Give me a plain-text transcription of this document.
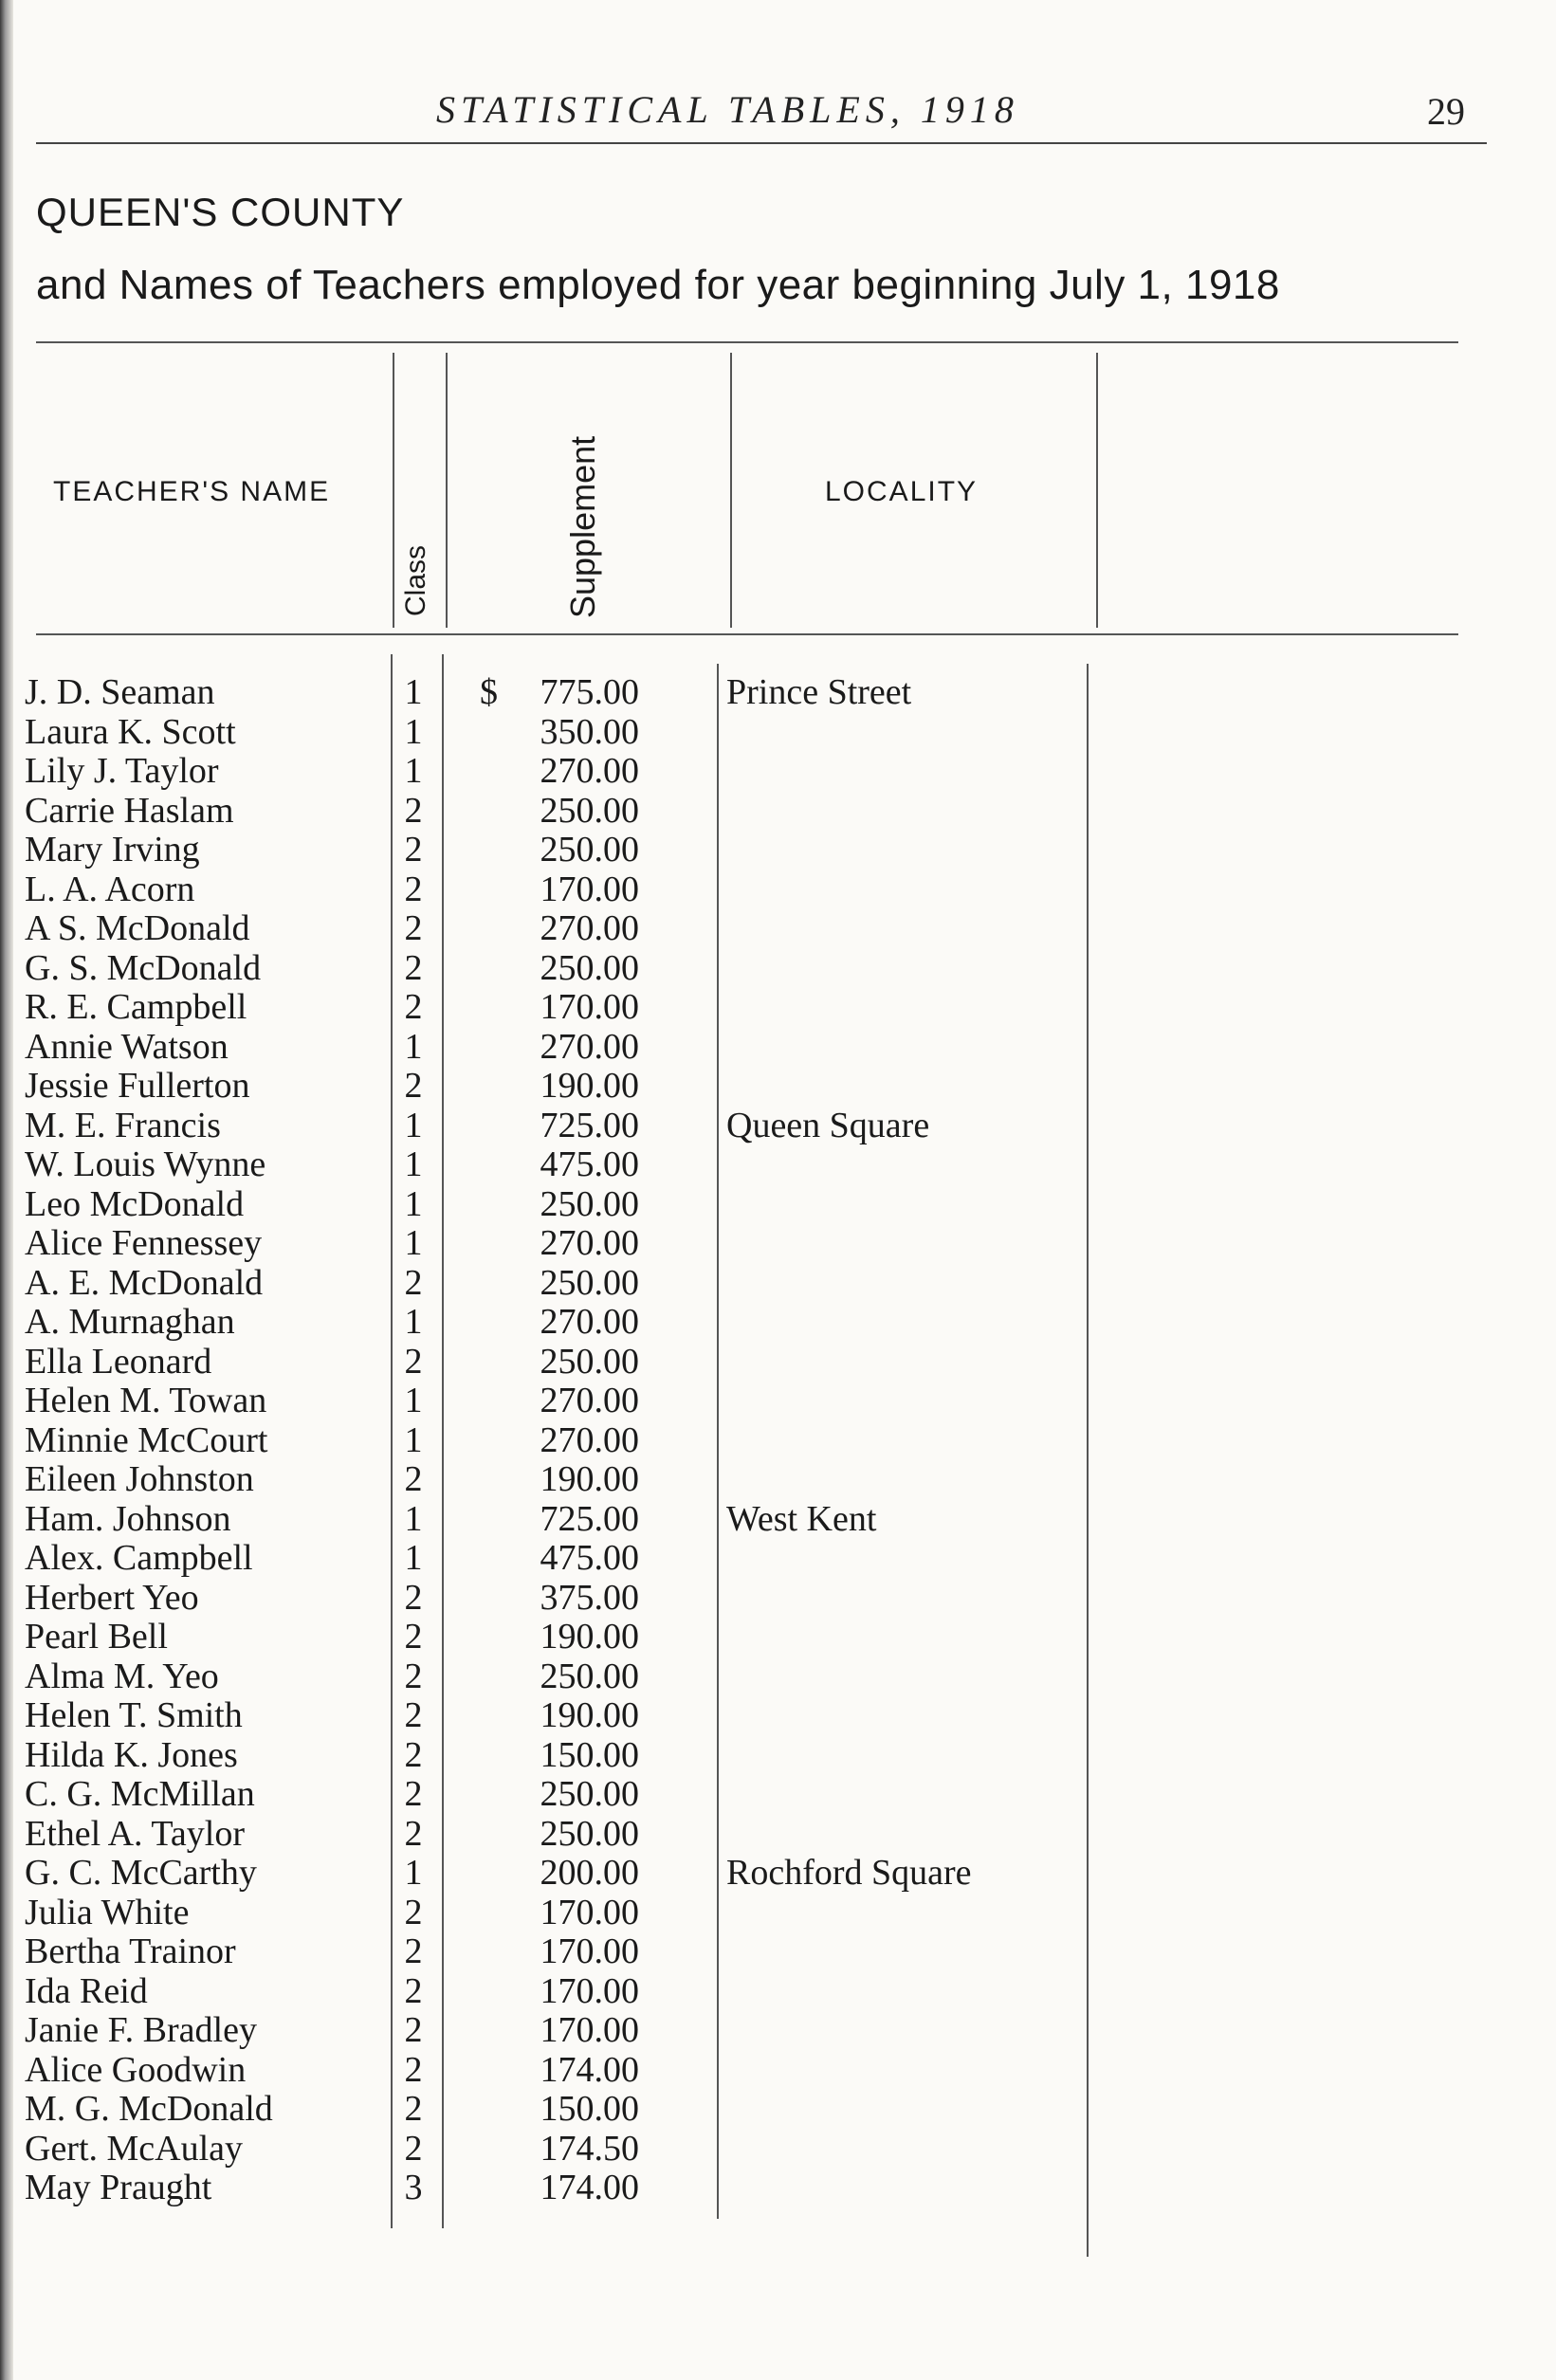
STATISTICAL TABLES, 1918	29
QUEEN'S COUNTY
and Names of Teachers employed for year beginning July 1, 1918
TEACHER'S NAME
Class	Supplement	LOCALITY
J. D. Seaman	1	$	775.00 Prince Street
Laura K. Scott	1	350.00
Lily J. Taylor	1	270.00
Carrie Haslam	2	250.00
Mary Irving	2	250.00
L. A. Acorn	2	170.00
A S. McDonald	2	270.00
G. S. McDonald	2	250.00
R. E. Campbell	2	170.00
Annie Watson	1	270.00
Jessie Fullerton	2	190.00
M. E. Francis	1	725.00 Queen Square
W. Louis Wynne	1	475.00
Leo McDonald	1	250.00
Alice Fennessey	1	270.00
A. E. McDonald	2	250.00
A. Murnaghan	1	270.00
Ella Leonard	2	250.00
Helen M. Towan	1	270.00
Minnie McCourt	1	270.00
Eileen Johnston	2	190.00
Ham. Johnson	1	725.00 West Kent
Alex. Campbell	1	475.00
Herbert Yeo	2	375.00
Pearl Bell	2	190.00
Alma M. Yeo	2	250.00
Helen T. Smith	2	190.00
Hilda K. Jones	2	150.00
C. G. McMillan	2	250.00
Ethel A. Taylor	2	250.00
G. C. McCarthy	1	200.00 Rochford Square
Julia White	2	170.00
Bertha Trainor	2	170.00
Ida Reid	2	170.00
Janie F. Bradley	2	170.00
Alice Goodwin	2	174.00
M. G. McDonald	2	150.00
Gert. McAulay	2	174.50
May Praught	3	174.00
